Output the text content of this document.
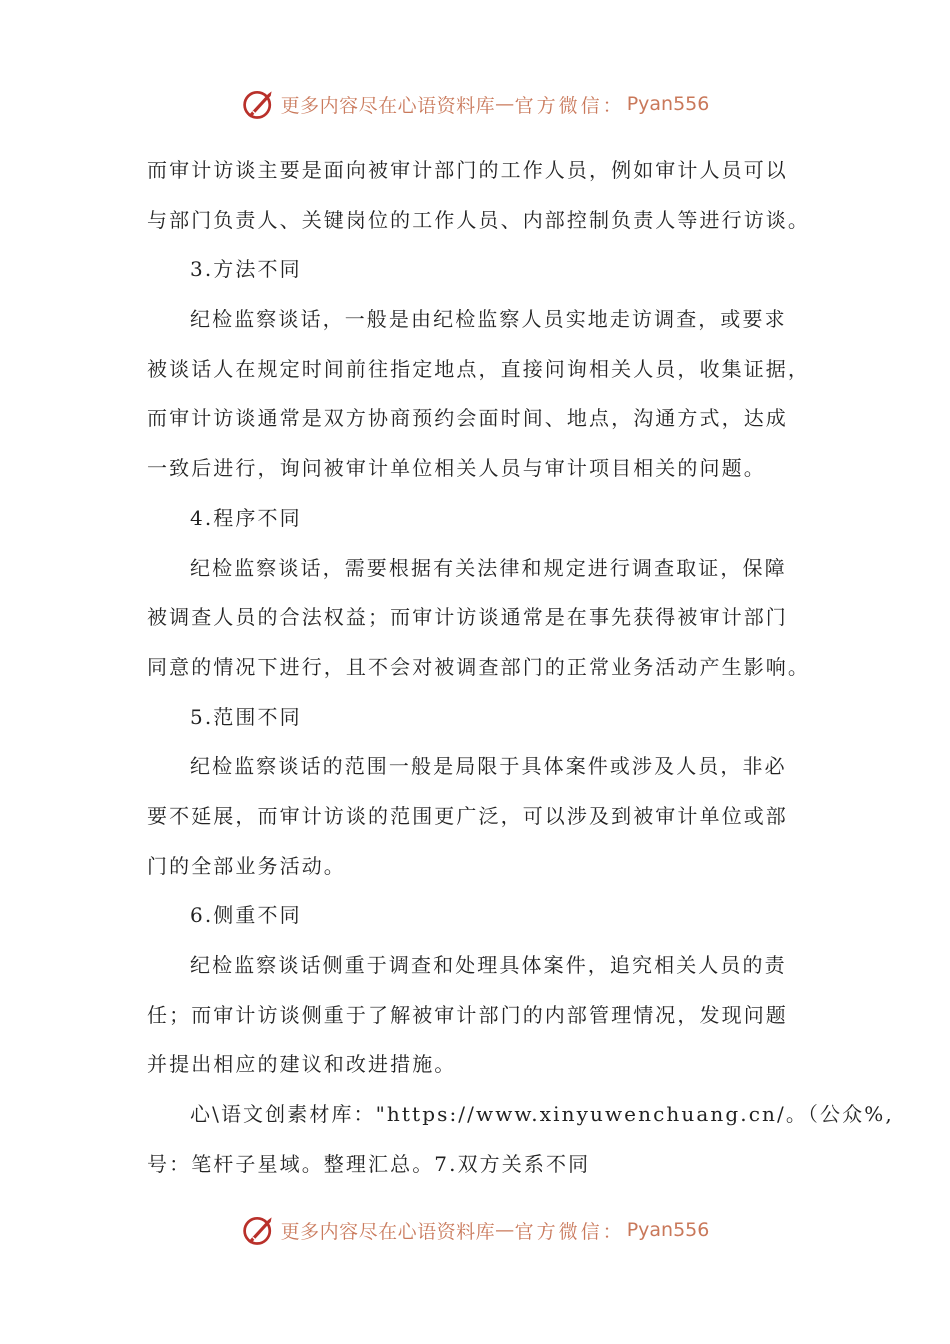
更多内容尽在心语资料库 — 官方微信： Pyan556
而审计访谈主要是面向被审计部门的工作人员，例如审计人员可以
与部门负责人、关键岗位的工作人员、内部控制负责人等进行访谈。
3.方法不同
纪检监察谈话，一般是由纪检监察人员实地走访调查，或要求
被谈话人在规定时间前往指定地点，直接问询相关人员，收集证据，
而审计访谈通常是双方协商预约会面时间、地点，沟通方式，达成
一致后进行，询问被审计单位相关人员与审计项目相关的问题。
4.程序不同
纪检监察谈话，需要根据有关法律和规定进行调查取证，保障
被调查人员的合法权益；而审计访谈通常是在事先获得被审计部门
同意的情况下进行，且不会对被调查部门的正常业务活动产生影响。
5.范围不同
纪检监察谈话的范围一般是局限于具体案件或涉及人员，非必
要不延展，而审计访谈的范围更广泛，可以涉及到被审计单位或部
门的全部业务活动。
6.侧重不同
纪检监察谈话侧重于调查和处理具体案件，追究相关人员的责
任；而审计访谈侧重于了解被审计部门的内部管理情况，发现问题
并提出相应的建议和改进措施。
心\语文创素材库："https://www.xinyuwenchuang.cn/。（公众%,
号：笔杆子星域。整理汇总。7.双方关系不同
更多内容尽在心语资料库 — 官方微信： Pyan556
